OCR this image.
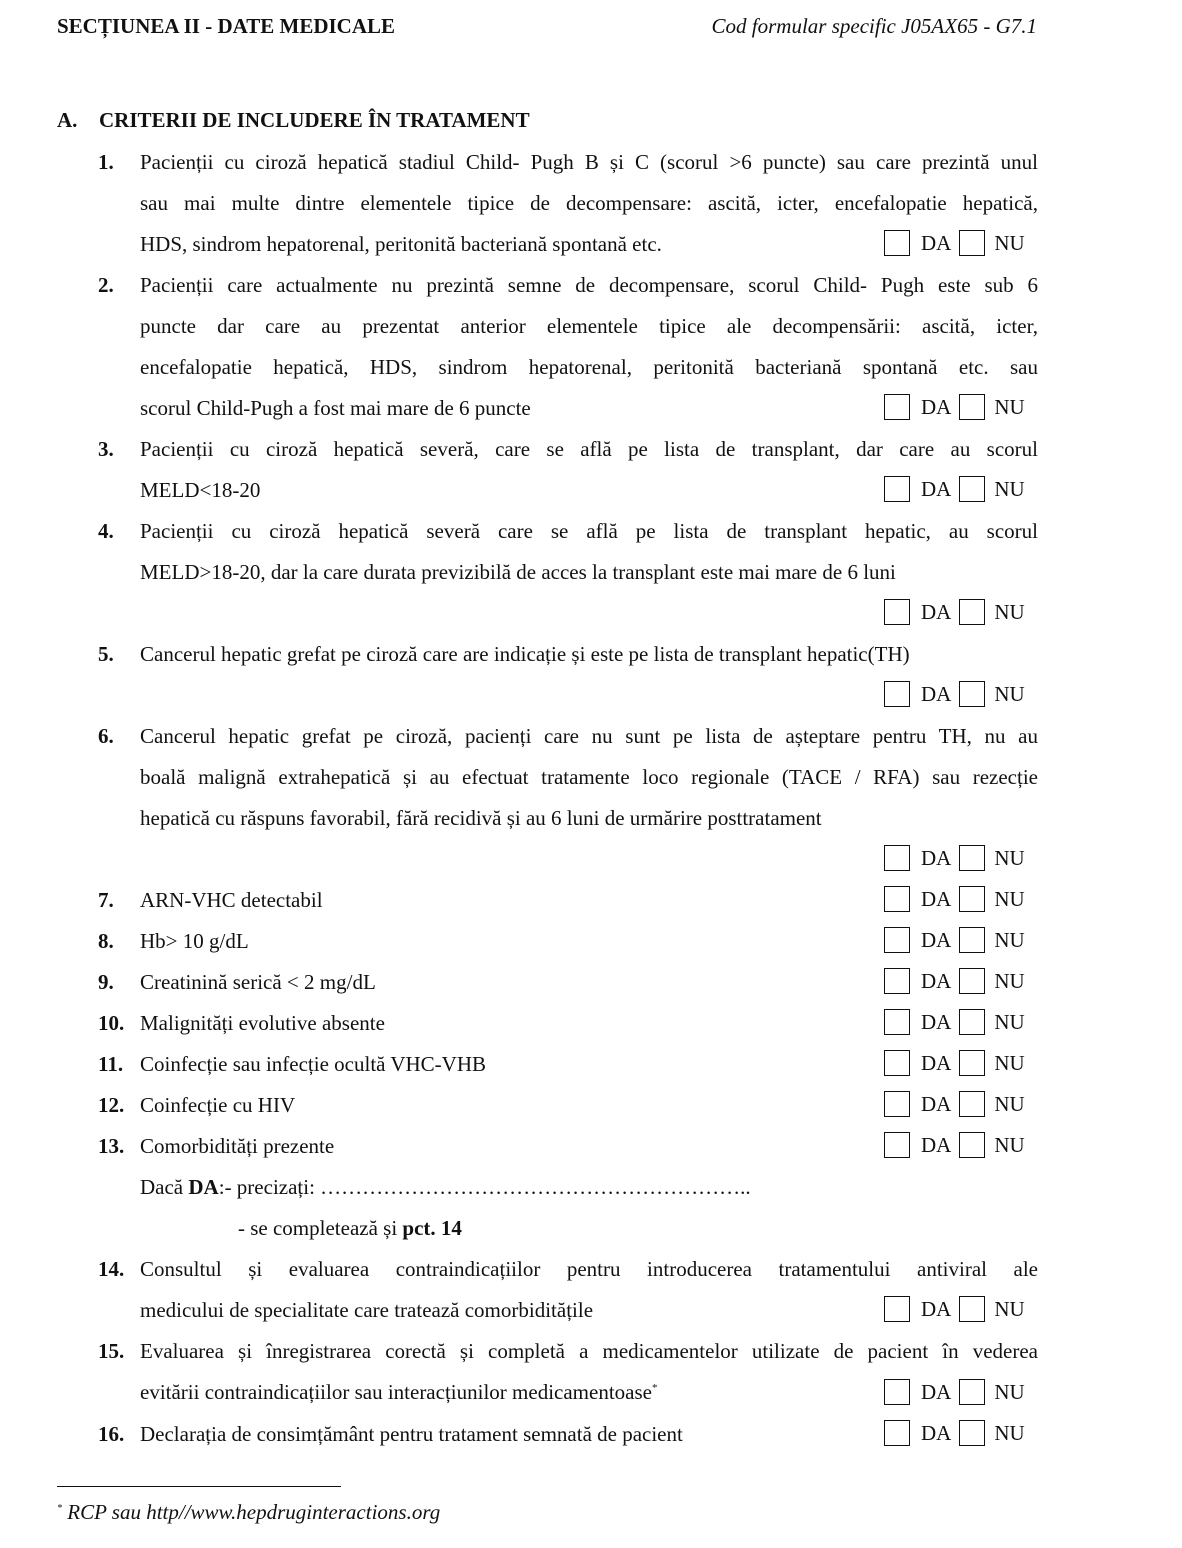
SECȚIUNEA II - DATE MEDICALE	Cod formular specific J05AX65 - G7.1
A. CRITERII DE INCLUDERE ÎN TRATAMENT
1. Pacienții cu ciroză hepatică stadiul Child- Pugh B și C (scorul >6 puncte) sau care prezintă unul
sau mai multe dintre elementele tipice de decompensare: ascită, icter, encefalopatie hepatică,
HDS, sindrom hepatorenal, peritonită bacteriană spontană etc.	DA NU
2. Pacienții care actualmente nu prezintă semne de decompensare, scorul Child- Pugh este sub 6
puncte dar care au prezentat anterior elementele tipice ale decompensării: ascită, icter,
encefalopatie hepatică, HDS, sindrom hepatorenal, peritonită bacteriană spontană etc. sau
scorul Child-Pugh a fost mai mare de 6 puncte	DA NU
3. Pacienții cu ciroză hepatică severă, care se află pe lista de transplant, dar care au scorul
MELD<18-20	DA NU
4. Pacienții cu ciroză hepatică severă care se află pe lista de transplant hepatic, au scorul
MELD>18-20, dar la care durata previzibilă de acces la transplant este mai mare de 6 luni
DA NU
5. Cancerul hepatic grefat pe ciroză care are indicație și este pe lista de transplant hepatic(TH)
DA NU
6. Cancerul hepatic grefat pe ciroză, pacienți care nu sunt pe lista de așteptare pentru TH, nu au
boală malignă extrahepatică și au efectuat tratamente loco regionale (TACE / RFA) sau rezecție
hepatică cu răspuns favorabil, fără recidivă și au 6 luni de urmărire posttratament
DA NU
7. ARN-VHC detectabil	DA NU
8. Hb> 10 g/dL	DA NU
9. Creatinină serică < 2 mg/dL	DA NU
10. Malignități evolutive absente	DA NU
11. Coinfecție sau infecție ocultă VHC-VHB	DA NU
12. Coinfecție cu HIV	DA NU
13. Comorbidități prezente	DA NU
Dacă DA:- precizați: ……………………………………………………..
- se completează și pct. 14
14. Consultul și evaluarea contraindicațiilor pentru introducerea tratamentului antiviral ale
medicului de specialitate care tratează comorbiditățile	DA NU
15. Evaluarea și înregistrarea corectă și completă a medicamentelor utilizate de pacient în vederea
evitării contraindicațiilor sau interacțiunilor medicamentoase*	DA NU
16. Declarația de consimțământ pentru tratament semnată de pacient	DA NU
* RCP sau http//www.hepdruginteractions.org
